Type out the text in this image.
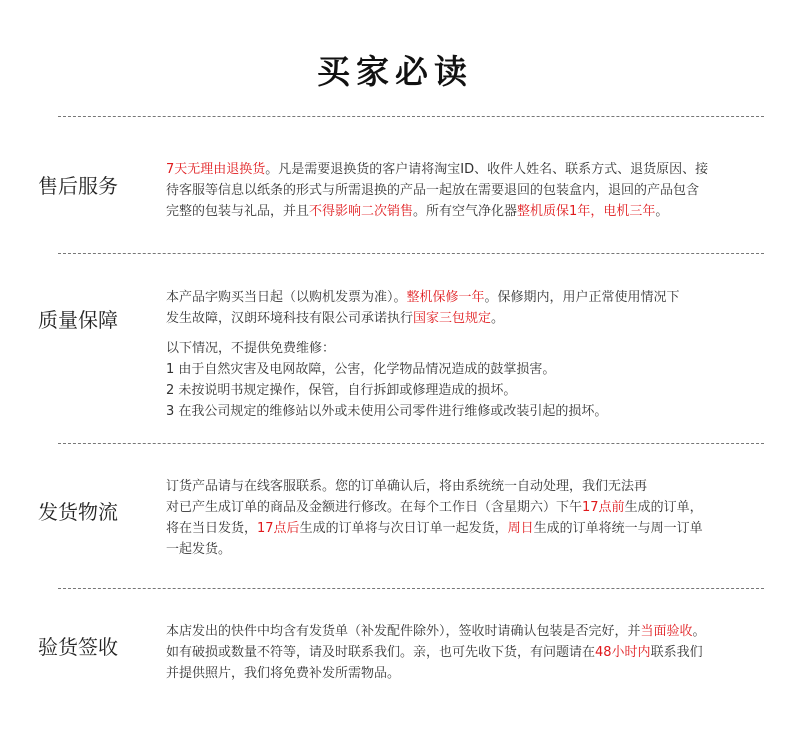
买家必读
售后服务
7天无理由退换货。凡是需要退换货的客户请将淘宝ID、收件人姓名、联系方式、退货原因、接
待客服等信息以纸条的形式与所需退换的产品一起放在需要退回的包装盒内，退回的产品包含
完整的包装与礼品，并且不得影响二次销售。所有空气净化器整机质保1年，电机三年。
质量保障
本产品字购买当日起（以购机发票为准）。整机保修一年。保修期内，用户正常使用情况下
发生故障，汉朗环境科技有限公司承诺执行国家三包规定。
以下情况，不提供免费维修：
1 由于自然灾害及电网故障，公害，化学物品情况造成的鼓掌损害。
2 未按说明书规定操作，保管，自行拆卸或修理造成的损坏。
3 在我公司规定的维修站以外或未使用公司零件进行维修或改装引起的损坏。
发货物流
订货产品请与在线客服联系。您的订单确认后，将由系统统一自动处理，我们无法再
对已产生成订单的商品及金额进行修改。在每个工作日（含星期六）下午17点前生成的订单，
将在当日发货，17点后生成的订单将与次日订单一起发货，周日生成的订单将统一与周一订单
一起发货。
验货签收
本店发出的快件中均含有发货单（补发配件除外），签收时请确认包装是否完好，并当面验收。
如有破损或数量不符等，请及时联系我们。亲，也可先收下货，有问题请在48小时内联系我们
并提供照片，我们将免费补发所需物品。
